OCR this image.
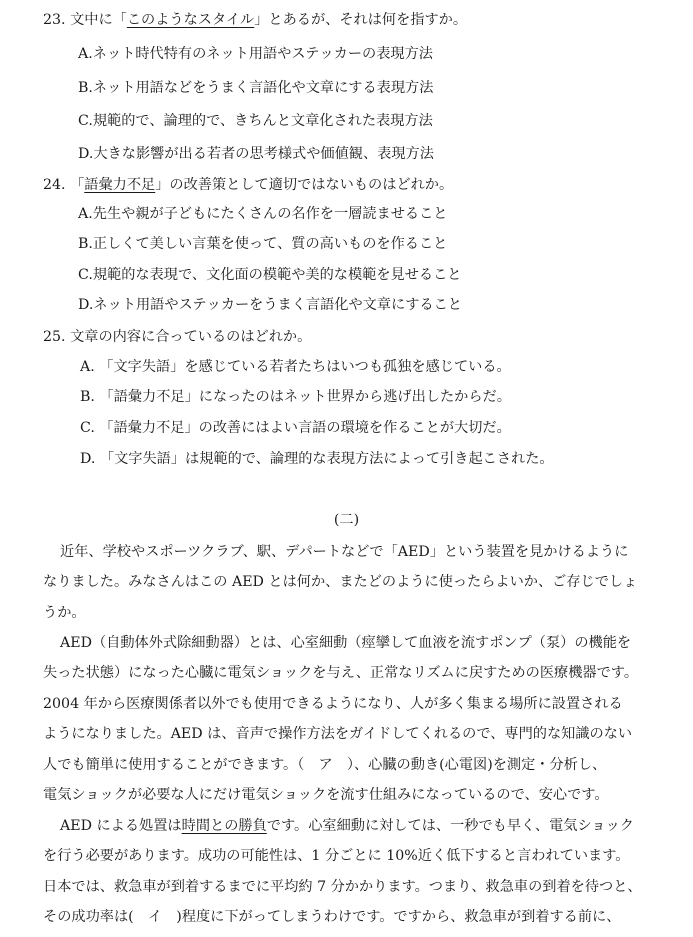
23. 文中に「このようなスタイル」とあるが、それは何を指すか。
A.ネット時代特有のネット用語やステッカーの表現方法
B.ネット用語などをうまく言語化や文章にする表現方法
C.規範的で、論理的で、きちんと文章化された表現方法
D.大きな影響が出る若者の思考様式や価値観、表現方法
24. 「語彙力不足」の改善策として適切ではないものはどれか。
A.先生や親が子どもにたくさんの名作を一層読ませること
B.正しくて美しい言葉を使って、質の高いものを作ること
C.規範的な表現で、文化面の模範や美的な模範を見せること
D.ネット用語やステッカーをうまく言語化や文章にすること
25. 文章の内容に合っているのはどれか。
A. 「文字失語」を感じている若者たちはいつも孤独を感じている。
B. 「語彙力不足」になったのはネット世界から逃げ出したからだ。
C. 「語彙力不足」の改善にはよい言語の環境を作ることが大切だ。
D. 「文字失語」は規範的で、論理的な表現方法によって引き起こされた。
(二)
近年、学校やスポーツクラブ、駅、デパートなどで「AED」という装置を見かけるように
なりました。みなさんはこの AED とは何か、またどのように使ったらよいか、ご存じでしょ
うか。
AED（自動体外式除細動器）とは、心室細動（痙攣して血液を流すポンプ（泵）の機能を
失った状態）になった心臓に電気ショックを与え、正常なリズムに戻すための医療機器です。
2004 年から医療関係者以外でも使用できるようになり、人が多く集まる場所に設置される
ようになりました。AED は、音声で操作方法をガイドしてくれるので、専門的な知識のない
人でも簡単に使用することができます。（　ア　）、心臓の動き(心電図)を測定・分析し、
電気ショックが必要な人にだけ電気ショックを流す仕組みになっているので、安心です。
AED による処置は時間との勝負です。心室細動に対しては、一秒でも早く、電気ショック
を行う必要があります。成功の可能性は、1 分ごとに 10%近く低下すると言われています。
日本では、救急車が到着するまでに平均約 7 分かかります。つまり、救急車の到着を待つと、
その成功率は(　イ　)程度に下がってしまうわけです。ですから、救急車が到着する前に、
